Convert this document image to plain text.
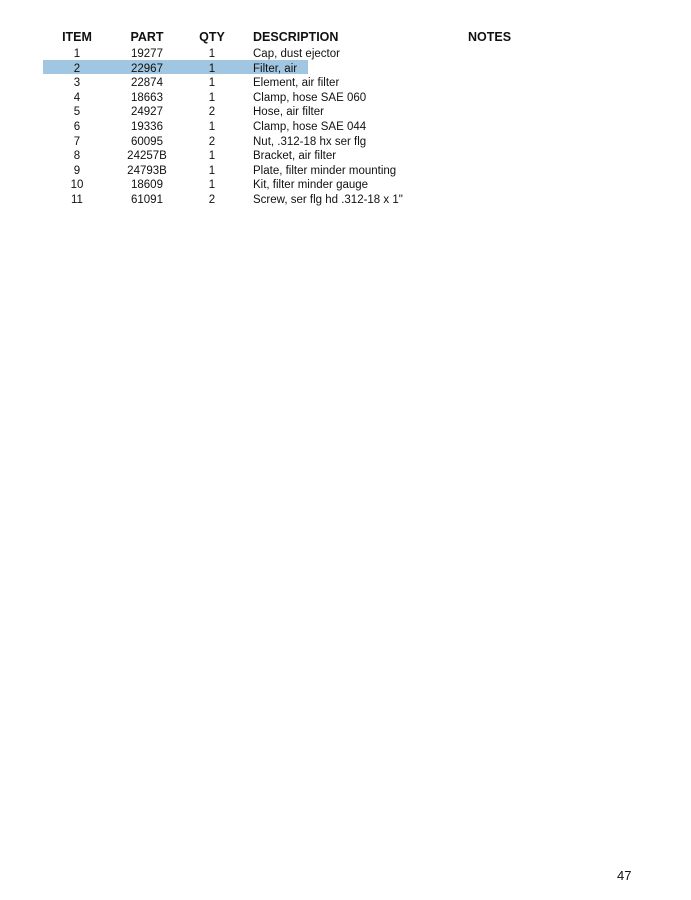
ITEM	PART	QTY	DESCRIPTION	NOTES
1	19277	1	Cap, dust ejector	
2	22967	1	Filter, air	
3	22874	1	Element, air filter	
4	18663	1	Clamp, hose SAE 060	
5	24927	2	Hose, air filter	
6	19336	1	Clamp, hose SAE 044	
7	60095	2	Nut, .312-18 hx ser flg	
8	24257B	1	Bracket, air filter	
9	24793B	1	Plate, filter minder mounting	
10	18609	1	Kit, filter minder gauge	
11	61091	2	Screw, ser flg hd .312-18 x 1"	
47
